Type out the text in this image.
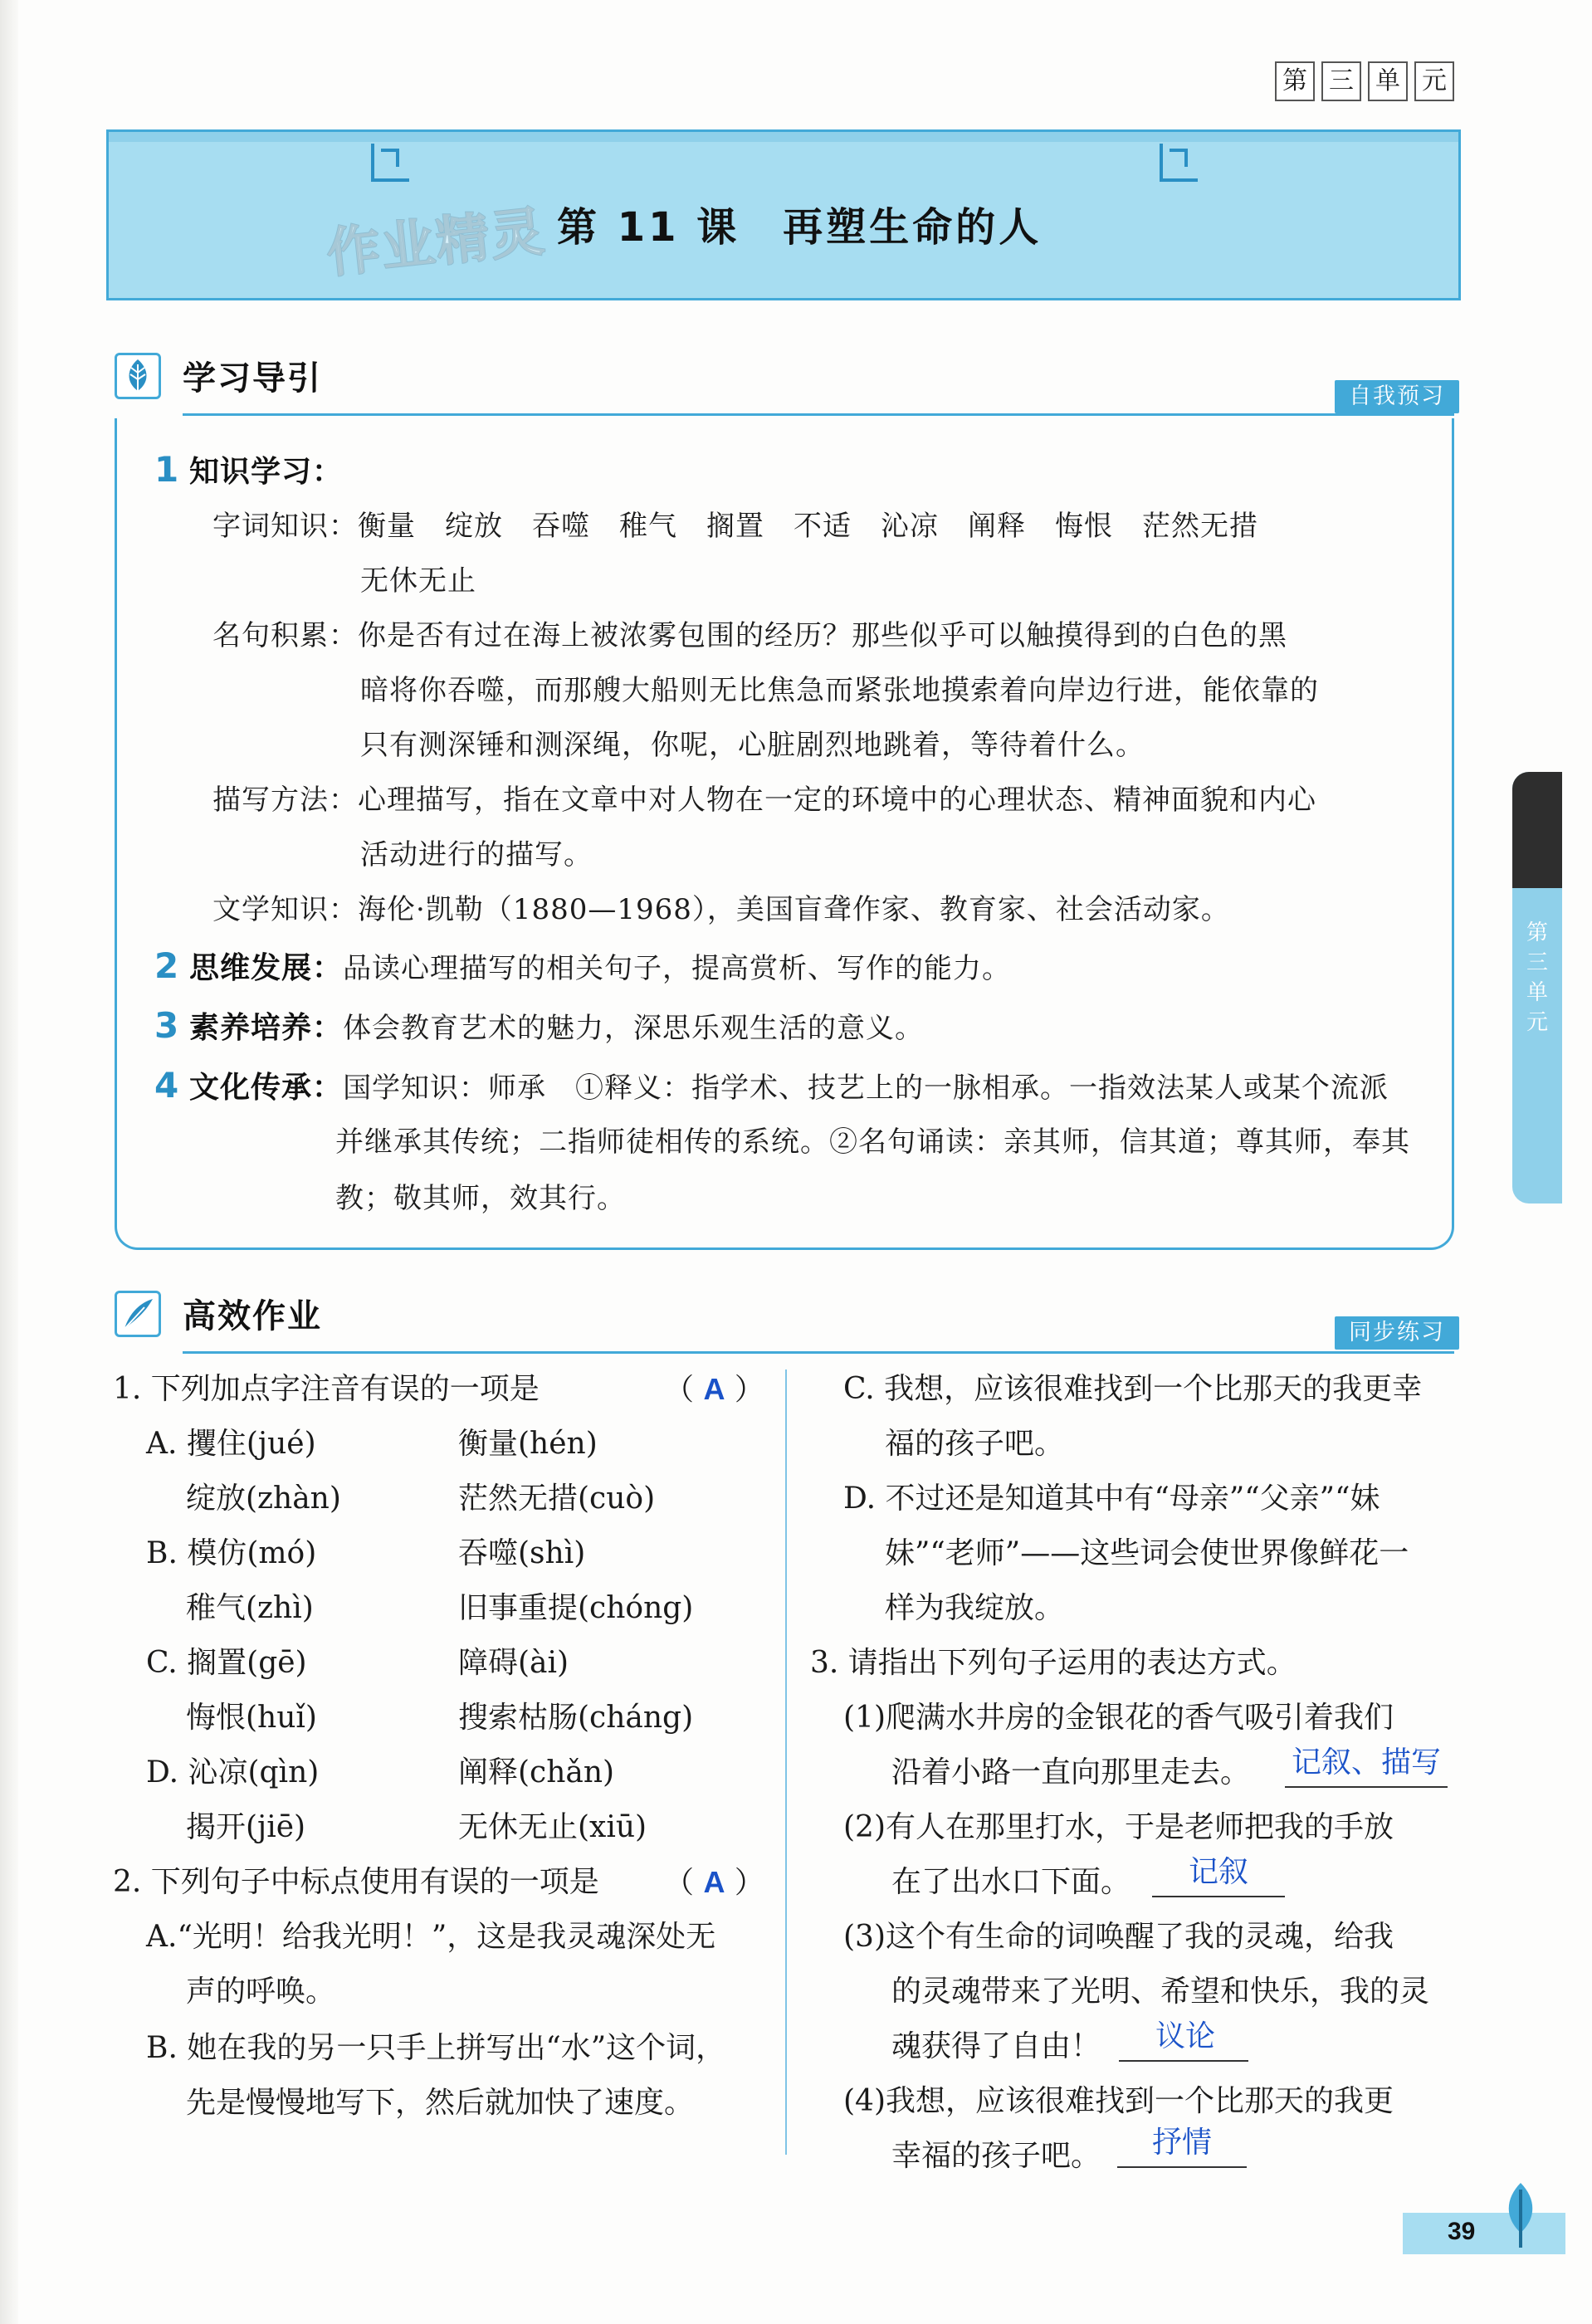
第 三 单 元
作业精灵 第 11 课　再塑生命的人
学习导引	自我预习
1 知识学习：
字词知识：衡量　绽放　吞噬　稚气　搁置　不适　沁凉　阐释　悔恨　茫然无措
无休无止
名句积累：你是否有过在海上被浓雾包围的经历？那些似乎可以触摸得到的白色的黑
暗将你吞噬，而那艘大船则无比焦急而紧张地摸索着向岸边行进，能依靠的
只有测深锤和测深绳，你呢，心脏剧烈地跳着，等待着什么。
描写方法：心理描写，指在文章中对人物在一定的环境中的心理状态、精神面貌和内心
活动进行的描写。
文学知识：海伦·凯勒（1880—1968），美国盲聋作家、教育家、社会活动家。
2 思维发展：品读心理描写的相关句子，提高赏析、写作的能力。
3 素养培养：体会教育艺术的魅力，深思乐观生活的意义。
4 文化传承：国学知识：师承　①释义：指学术、技艺上的一脉相承。一指效法某人或某个流派
并继承其传统；二指师徒相传的系统。②名句诵读：亲其师，信其道；尊其师，奉其
教；敬其师，效其行。
高效作业	同步练习
1. 下列加点字注音有误的一项是	（ A ）
A. 攫住(jué)	衡量(hén)
绽放(zhàn)	茫然无措(cuò)
B. 模仿(mó)	吞噬(shì)
稚气(zhì)	旧事重提(chóng)
C. 搁置(gē)	障碍(ài)
悔恨(huǐ)	搜索枯肠(cháng)
D. 沁凉(qìn)	阐释(chǎn)
揭开(jiē)	无休无止(xiū)
2. 下列句子中标点使用有误的一项是 （ A ）
A.“光明！给我光明！”，这是我灵魂深处无
声的呼唤。
B. 她在我的另一只手上拼写出“水”这个词，
先是慢慢地写下，然后就加快了速度。
C. 我想，应该很难找到一个比那天的我更幸
福的孩子吧。
D. 不过还是知道其中有“母亲”“父亲”“妹
妹”“老师”——这些词会使世界像鲜花一
样为我绽放。
3. 请指出下列句子运用的表达方式。
(1)爬满水井房的金银花的香气吸引着我们
沿着小路一直向那里走去。 记叙、描写
(2)有人在那里打水，于是老师把我的手放
在了出水口下面。 记叙
(3)这个有生命的词唤醒了我的灵魂，给我
的灵魂带来了光明、希望和快乐，我的灵
魂获得了自由！ 议论
(4)我想，应该很难找到一个比那天的我更
幸福的孩子吧。 抒情
第三单元
39
